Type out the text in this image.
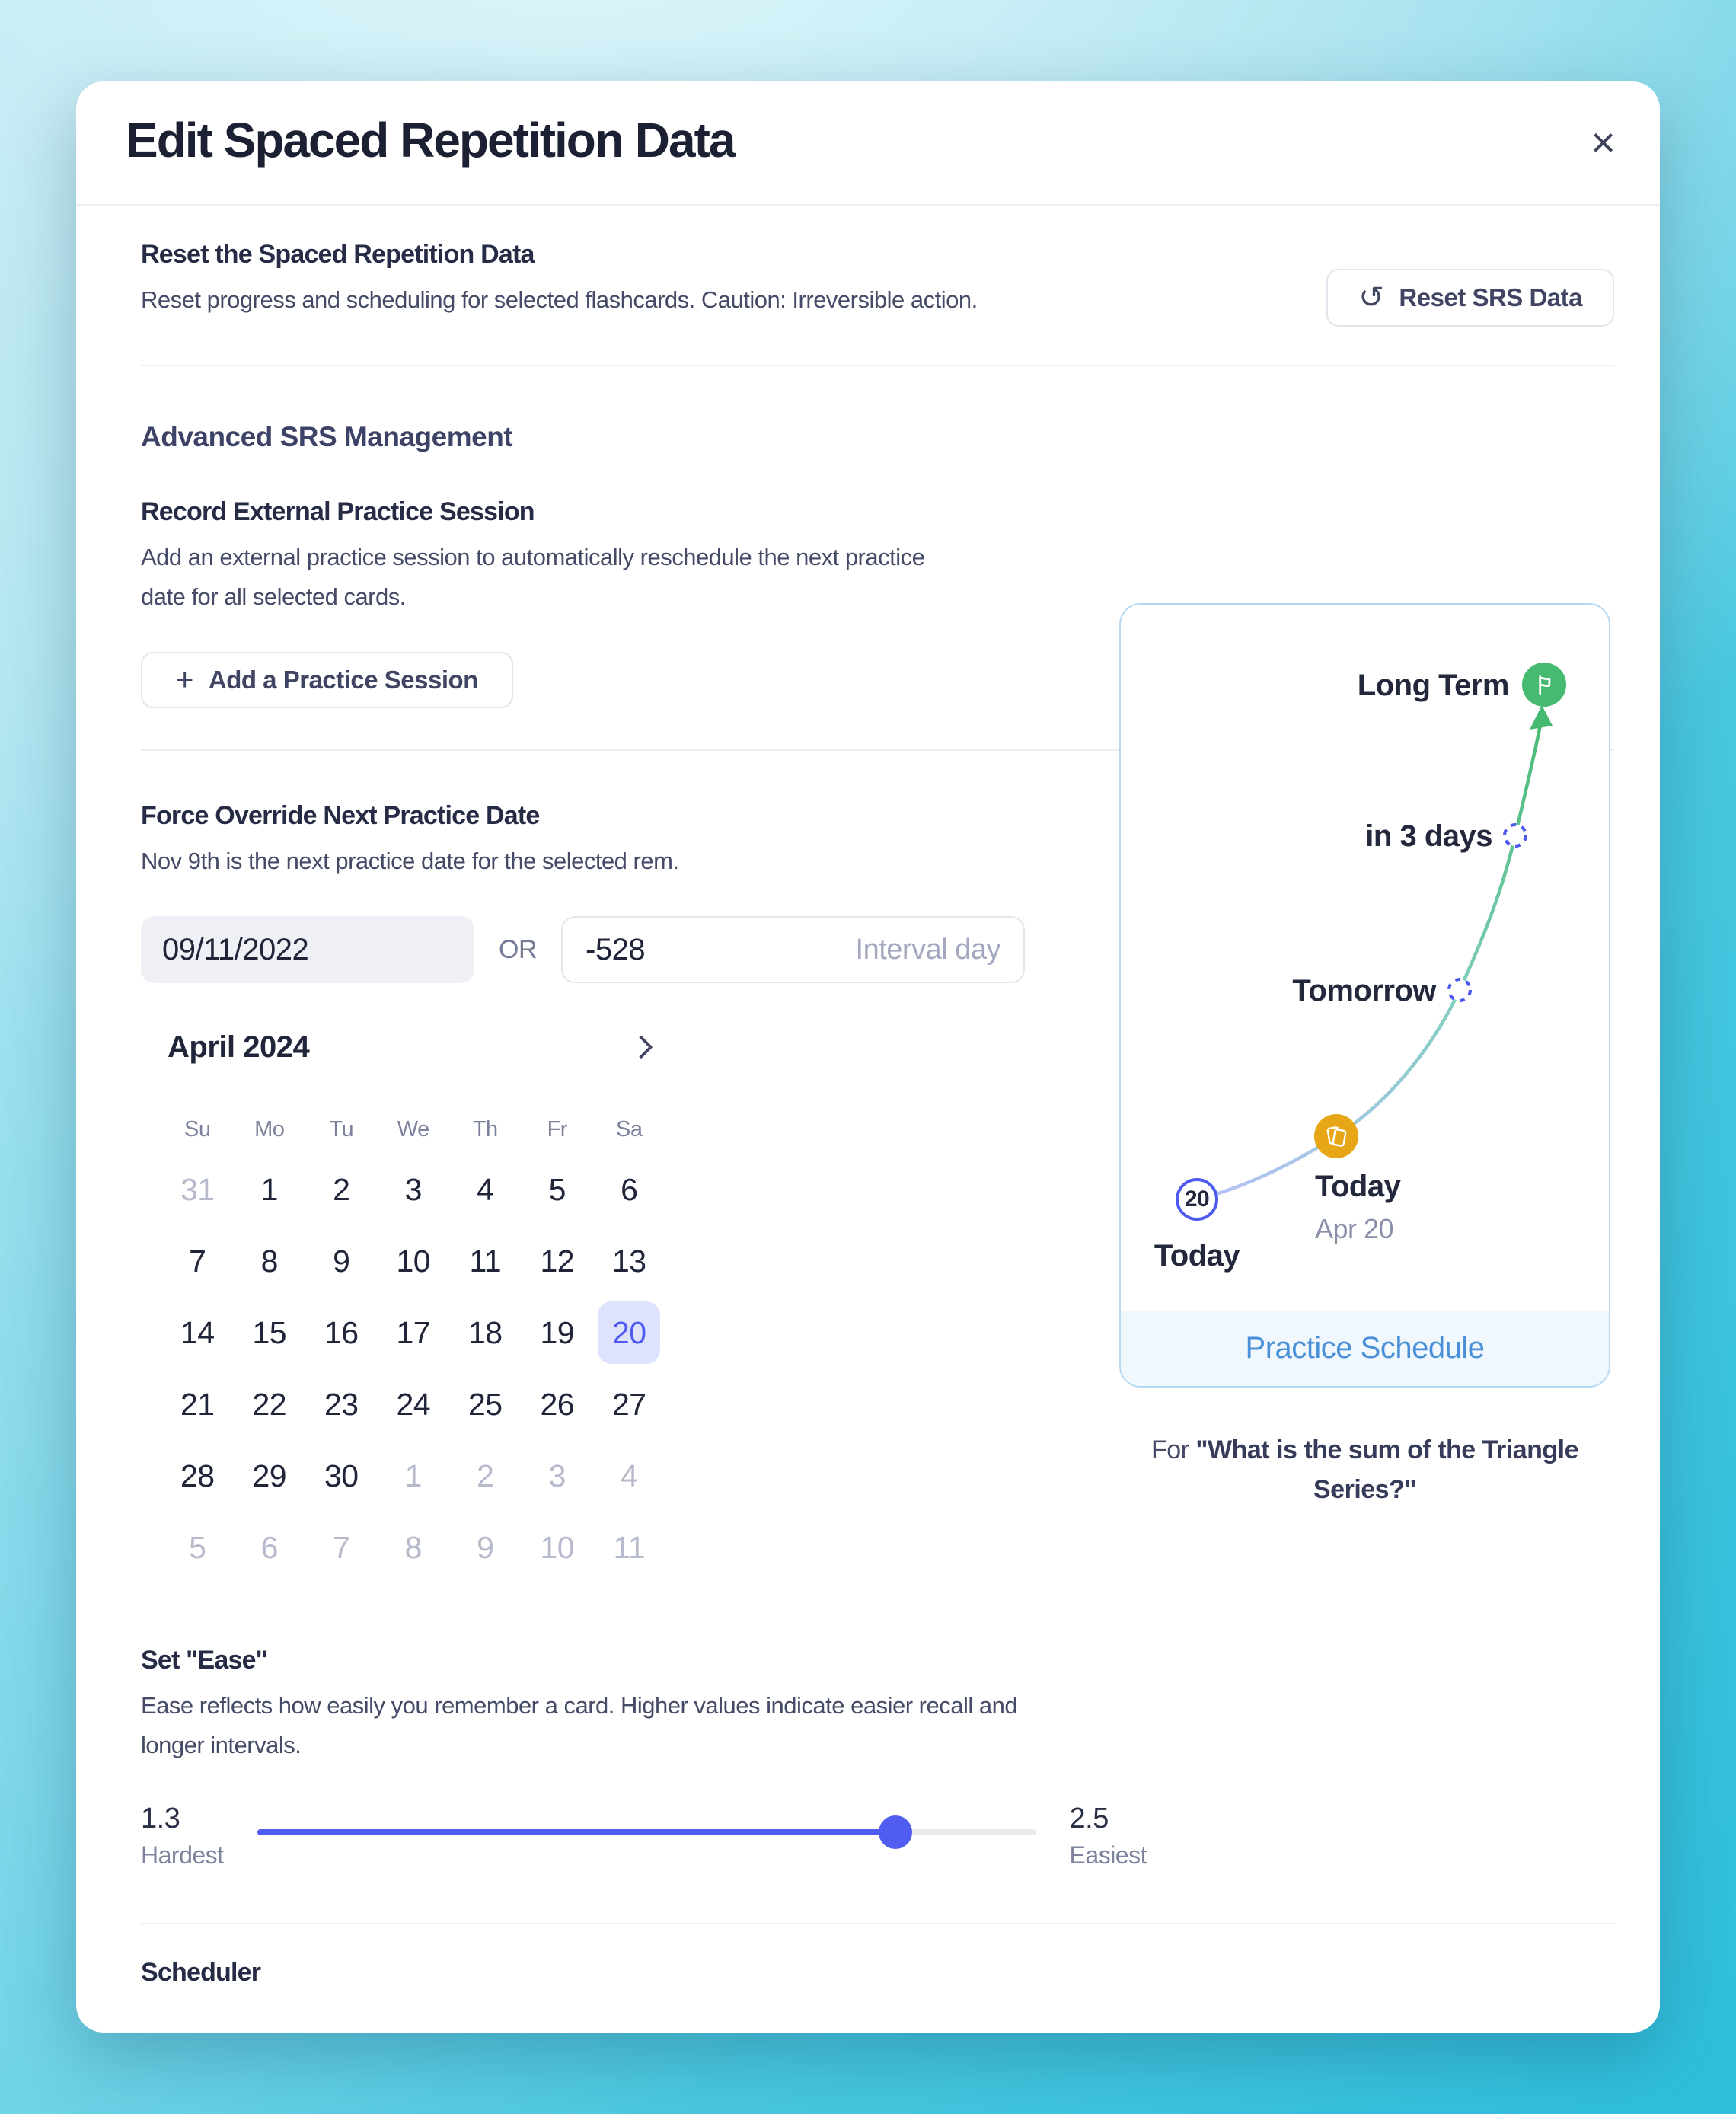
Edit Spaced Repetition Data	×
Reset the Spaced Repetition Data

Reset progress and scheduling for selected flashcards. Caution: Irreversible action.	↺ Reset SRS Data
Advanced SRS Management
Record External Practice Session

Add an external practice session to automatically reschedule the next practice date for all selected cards.

+ Add a Practice Session
Force Override Next Practice Date

Nov 9th is the next practice date for the selected rem.

09/11/2022
OR
-528	Interval day
April 2024
Su	Mo	Tu	We	Th	Fr	Sa
31	1	2	3	4	5	6
7	8	9	10	11	12	13
14	15	16	17	18	19	20
21	22	23	24	25	26	27
28	29	30	1	2	3	4
5	6	7	8	9	10	11
Set "Ease"

Ease reflects how easily you remember a card. Higher values indicate easier recall and longer intervals.

1.3
Hardest
2.5
Easiest
Scheduler
Long Term
in 3 days
Tomorrow
Today
Apr 20
20
Today
Practice Schedule
For "What is the sum of the Triangle Series?"
